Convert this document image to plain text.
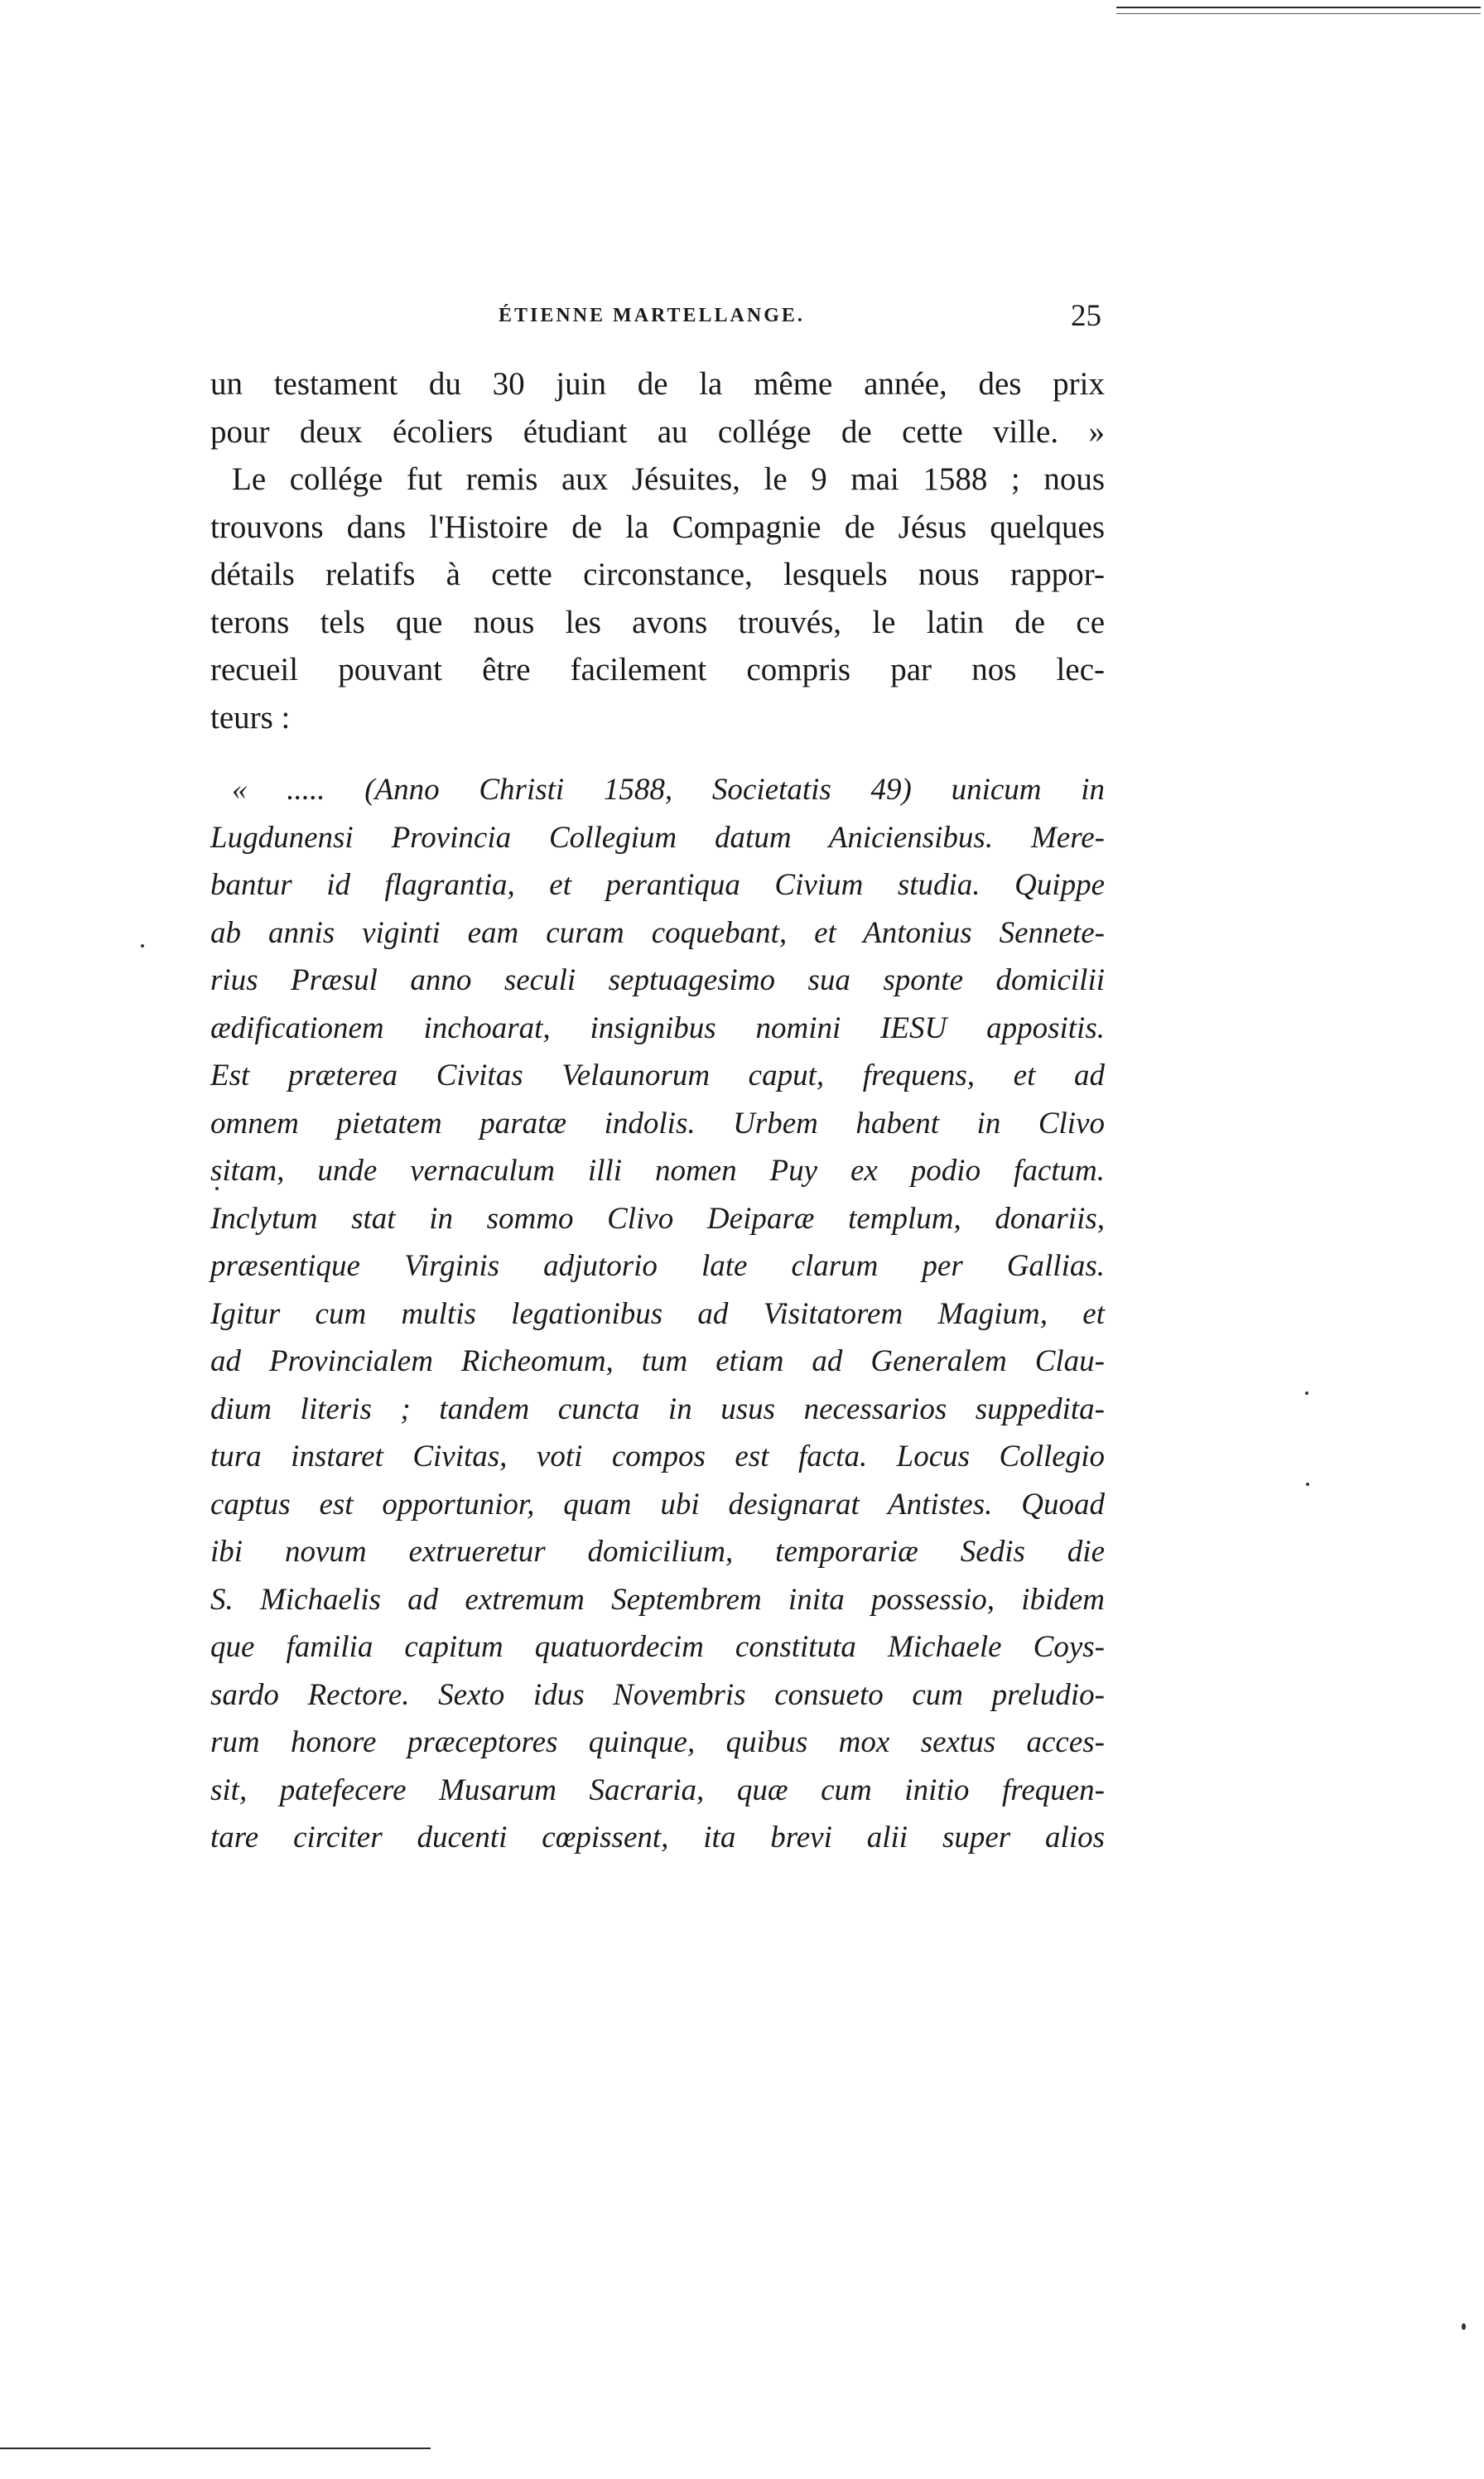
ÉTIENNE MARTELLANGE.	25
un testament du 30 juin de la même année, des prix
pour deux écoliers étudiant au collége de cette ville. »
Le collége fut remis aux Jésuites, le 9 mai 1588 ; nous
trouvons dans l'Histoire de la Compagnie de Jésus quelques
détails relatifs à cette circonstance, lesquels nous rappor-
terons tels que nous les avons trouvés, le latin de ce
recueil pouvant être facilement compris par nos lec-
teurs :
« ..... (Anno Christi 1588, Societatis 49) unicum in
Lugdunensi Provincia Collegium datum Aniciensibus. Mere-
bantur id flagrantia, et perantiqua Civium studia. Quippe
ab annis viginti eam curam coquebant, et Antonius Sennete-
rius Præsul anno seculi septuagesimo sua sponte domicilii
ædificationem inchoarat, insignibus nomini IESU appositis.
Est præterea Civitas Velaunorum caput, frequens, et ad
omnem pietatem paratæ indolis. Urbem habent in Clivo
sitam, unde vernaculum illi nomen Puy ex podio factum.
Inclytum stat in sommo Clivo Deiparæ templum, donariis,
præsentique Virginis adjutorio late clarum per Gallias.
Igitur cum multis legationibus ad Visitatorem Magium, et
ad Provincialem Richeomum, tum etiam ad Generalem Clau-
dium literis ; tandem cuncta in usus necessarios suppedita-
tura instaret Civitas, voti compos est facta. Locus Collegio
captus est opportunior, quam ubi designarat Antistes. Quoad
ibi novum extrueretur domicilium, temporariæ Sedis die
S. Michaelis ad extremum Septembrem inita possessio, ibidem
que familia capitum quatuordecim constituta Michaele Coys-
sardo Rectore. Sexto idus Novembris consueto cum preludio-
rum honore præceptores quinque, quibus mox sextus acces-
sit, patefecere Musarum Sacraria, quæ cum initio frequen-
tare circiter ducenti cœpissent, ita brevi alii super alios
